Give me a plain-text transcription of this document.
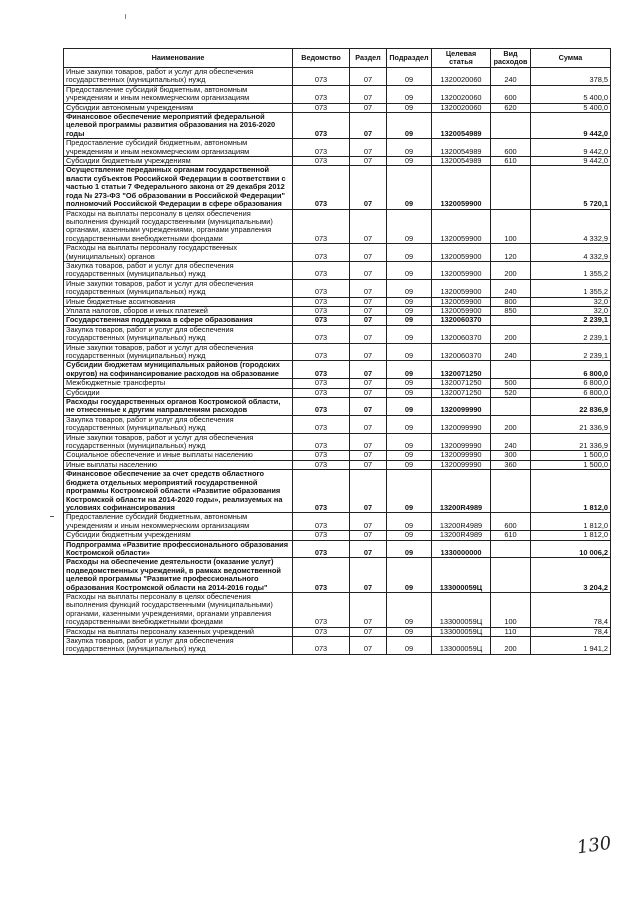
Наименование	Ведомство	Раздел	Подраздел	Целевая статья	Вид расходов	Сумма
Иные закупки товаров, работ и услуг для обеспечения государственных (муниципальных) нужд	073	07	09	1320020060	240	378,5
Предоставление субсидий бюджетным, автономным учреждениям и иным некоммерческим организациям	073	07	09	1320020060	600	5 400,0
Субсидии автономным учреждениям	073	07	09	1320020060	620	5 400,0
Финансовое обеспечение мероприятий федеральной целевой программы развития образования на 2016-2020 годы	073	07	09	1320054989		9 442,0
Предоставление субсидий бюджетным, автономным учреждениям и иным некоммерческим организациям	073	07	09	1320054989	600	9 442,0
Субсидии бюджетным учреждениям	073	07	09	1320054989	610	9 442,0
Осуществление переданных органам государственной власти субъектов Российской Федерации в соответствии с частью 1 статьи 7 Федерального закона от 29 декабря 2012 года № 273-ФЗ "Об образовании в Российской Федерации" полномочий Российской Федерации в сфере образования	073	07	09	1320059900		5 720,1
Расходы на выплаты персоналу в целях обеспечения выполнения функций государственными (муниципальными) органами, казенными учреждениями, органами управления государственными внебюджетными фондами	073	07	09	1320059900	100	4 332,9
Расходы на выплаты персоналу государственных (муниципальных) органов	073	07	09	1320059900	120	4 332,9
Закупка товаров, работ и услуг для обеспечения государственных (муниципальных) нужд	073	07	09	1320059900	200	1 355,2
Иные закупки товаров, работ и услуг для обеспечения государственных (муниципальных) нужд	073	07	09	1320059900	240	1 355,2
Иные бюджетные ассигнования	073	07	09	1320059900	800	32,0
Уплата налогов, сборов и иных платежей	073	07	09	1320059900	850	32,0
Государственная поддержка в сфере образования	073	07	09	1320060370		2 239,1
Закупка товаров, работ и услуг для обеспечения государственных (муниципальных) нужд	073	07	09	1320060370	200	2 239,1
Иные закупки товаров, работ и услуг для обеспечения государственных (муниципальных) нужд	073	07	09	1320060370	240	2 239,1
Субсидии бюджетам муниципальных районов (городских округов) на софинансирование расходов на образование	073	07	09	1320071250		6 800,0
Межбюджетные трансферты	073	07	09	1320071250	500	6 800,0
Субсидии	073	07	09	1320071250	520	6 800,0
Расходы государственных органов Костромской области, не отнесенные к другим направлениям расходов	073	07	09	1320099990		22 836,9
Закупка товаров, работ и услуг для обеспечения государственных (муниципальных) нужд	073	07	09	1320099990	200	21 336,9
Иные закупки товаров, работ и услуг для обеспечения государственных (муниципальных) нужд	073	07	09	1320099990	240	21 336,9
Социальное обеспечение и иные выплаты населению	073	07	09	1320099990	300	1 500,0
Иные выплаты населению	073	07	09	1320099990	360	1 500,0
Финансовое обеспечение за счет средств областного бюджета отдельных мероприятий государственной программы Костромской области «Развитие образования Костромской области на 2014-2020 годы», реализуемых на условиях софинансирования	073	07	09	13200R4989		1 812,0
Предоставление субсидий бюджетным, автономным учреждениям и иным некоммерческим организациям	073	07	09	13200R4989	600	1 812,0
Субсидии бюджетным учреждениям	073	07	09	13200R4989	610	1 812,0
Подпрограмма «Развитие профессионального образования Костромской области»	073	07	09	1330000000		10 006,2
Расходы на обеспечение деятельности (оказание услуг) подведомственных учреждений, в рамках ведомственной целевой программы "Развитие профессионального образования Костромской области на 2014-2016 годы"	073	07	09	133000059Ц		3 204,2
Расходы на выплаты персоналу в целях обеспечения выполнения функций государственными (муниципальными) органами, казенными учреждениями, органами управления государственными внебюджетными фондами	073	07	09	133000059Ц	100	78,4
Расходы на выплаты персоналу казенных учреждений	073	07	09	133000059Ц	110	78,4
Закупка товаров, работ и услуг для обеспечения государственных (муниципальных) нужд	073	07	09	133000059Ц	200	1 941,2
130
